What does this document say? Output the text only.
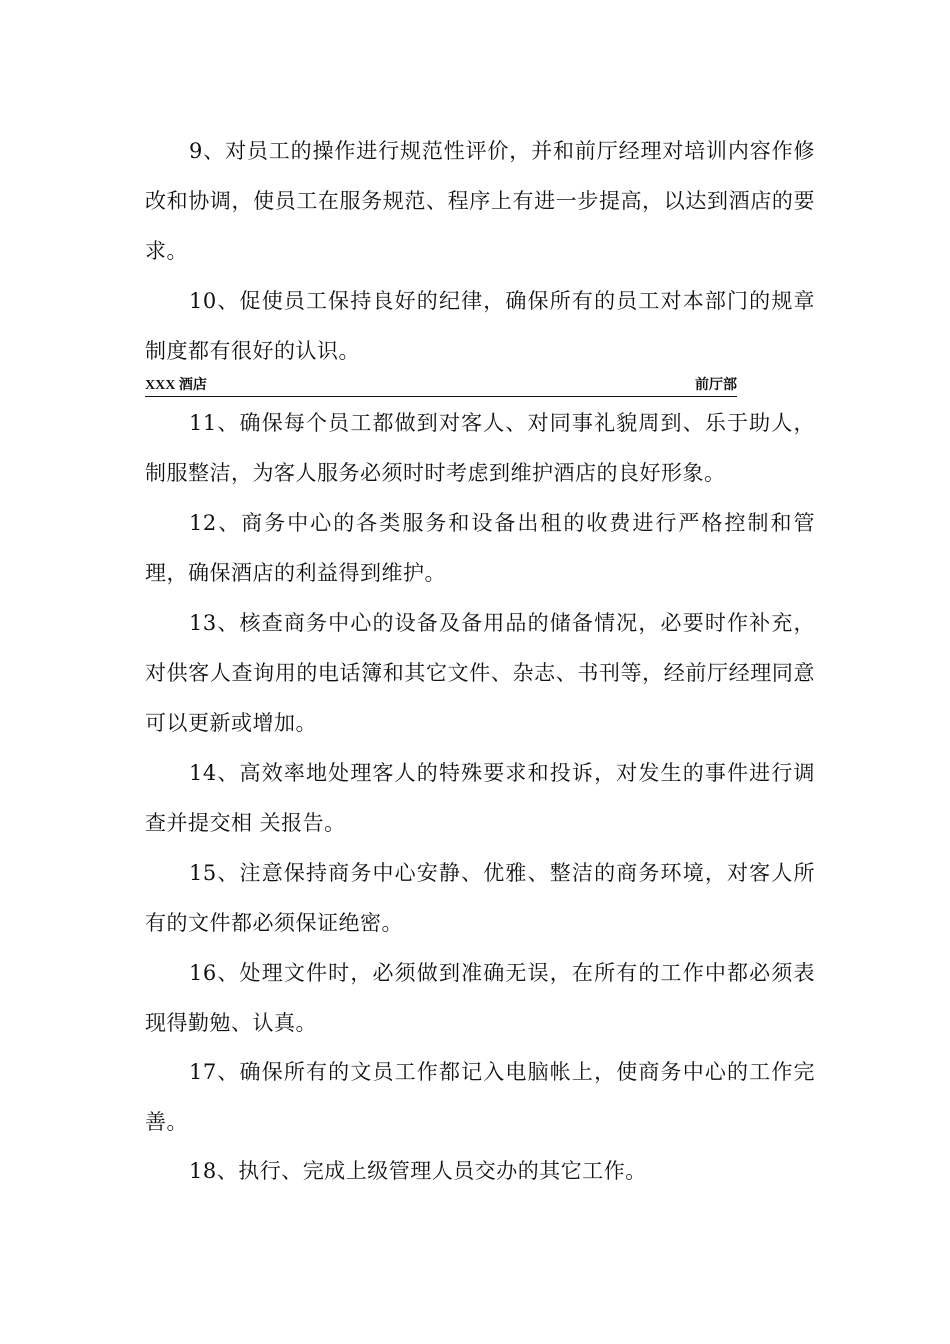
9、对员工的操作进行规范性评价，并和前厅经理对培训内容作修改和协调，使员工在服务规范、程序上有进一步提高，以达到酒店的要求。

10、促使员工保持良好的纪律，确保所有的员工对本部门的规章制度都有很好的认识。

XXX 酒店	前厅部

11、确保每个员工都做到对客人、对同事礼貌周到、乐于助人，制服整洁，为客人服务必须时时考虑到维护酒店的良好形象。

12、商务中心的各类服务和设备出租的收费进行严格控制和管理，确保酒店的利益得到维护。

13、核查商务中心的设备及备用品的储备情况，必要时作补充，对供客人查询用的电话簿和其它文件、杂志、书刊等，经前厅经理同意可以更新或增加。

14、高效率地处理客人的特殊要求和投诉，对发生的事件进行调查并提交相 关报告。

15、注意保持商务中心安静、优雅、整洁的商务环境，对客人所有的文件都必须保证绝密。

16、处理文件时，必须做到准确无误，在所有的工作中都必须表现得勤勉、认真。

17、确保所有的文员工作都记入电脑帐上，使商务中心的工作完善。

18、执行、完成上级管理人员交办的其它工作。
